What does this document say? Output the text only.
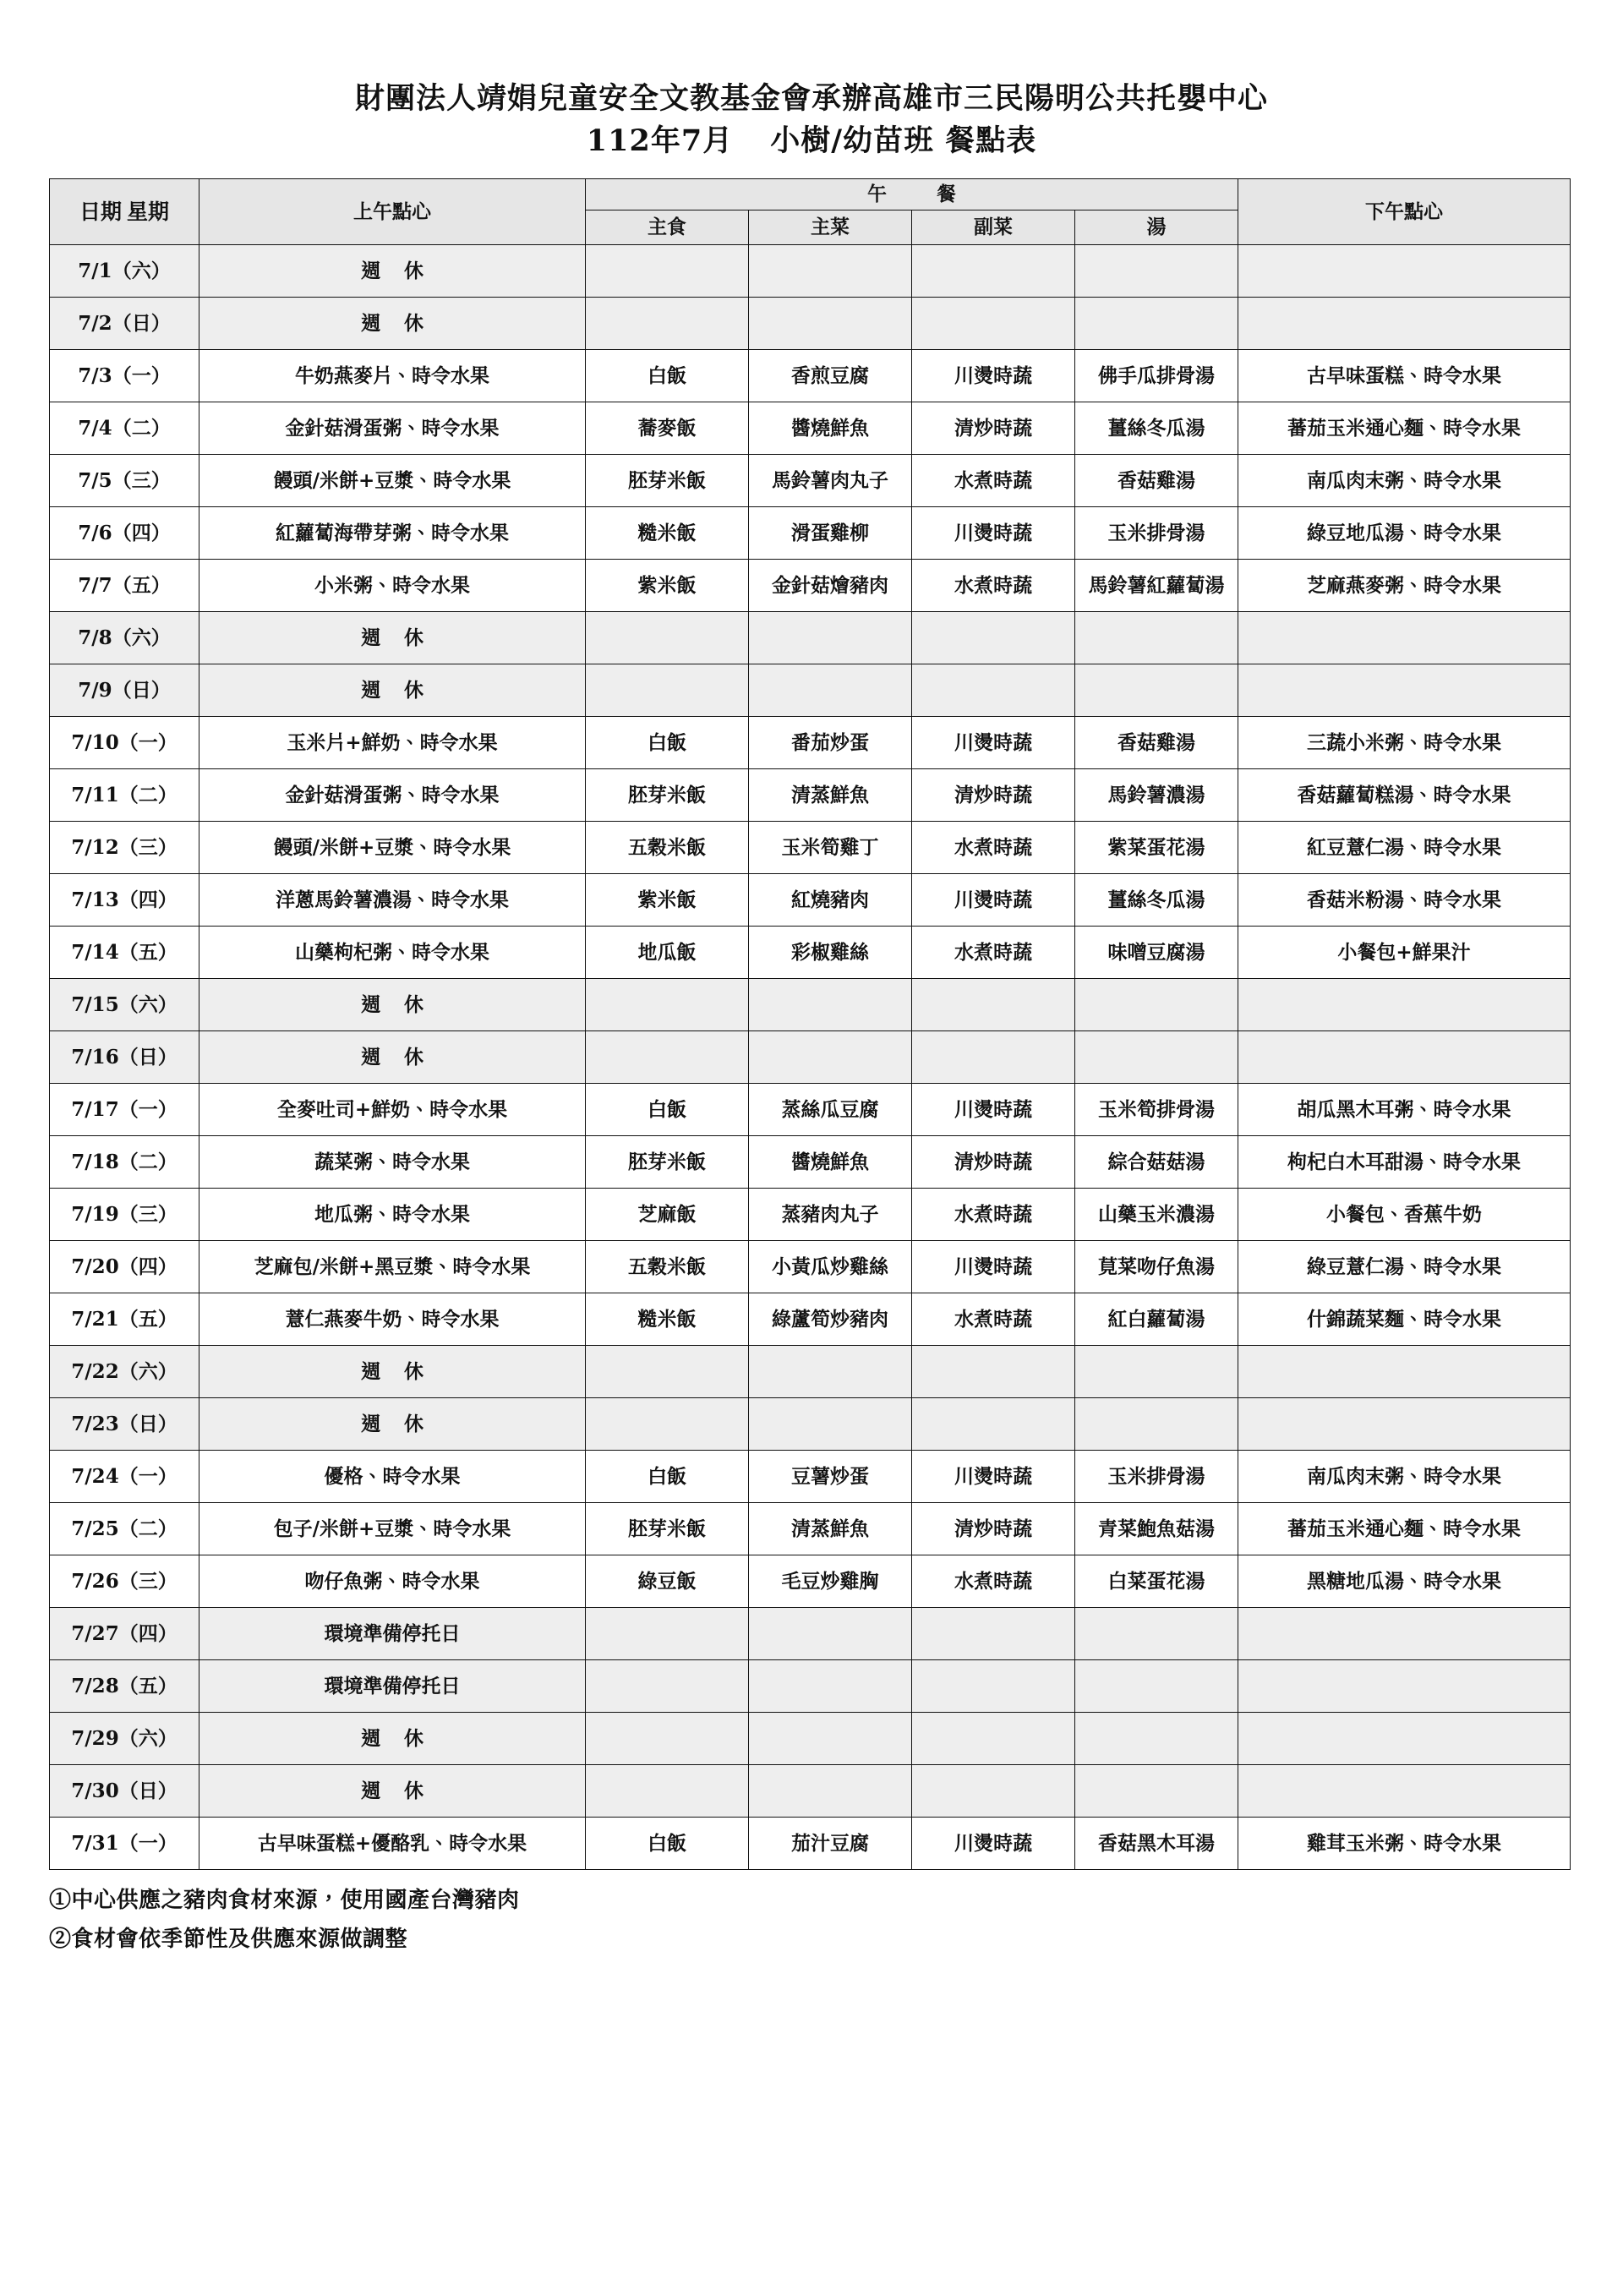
財團法人靖娟兒童安全文教基金會承辦高雄市三民陽明公共托嬰中心
112年7月 小樹/幼苗班 餐點表
日期 星期	上午點心	午　餐				下午點心
		主食	主菜	副菜	湯	
7/1（六）	週 休					
7/2（日）	週 休					
7/3（一）	牛奶燕麥片、時令水果	白飯	香煎豆腐	川燙時蔬	佛手瓜排骨湯	古早味蛋糕、時令水果
7/4（二）	金針菇滑蛋粥、時令水果	蕎麥飯	醬燒鮮魚	清炒時蔬	薑絲冬瓜湯	蕃茄玉米通心麵、時令水果
7/5（三）	饅頭/米餅+豆漿、時令水果	胚芽米飯	馬鈴薯肉丸子	水煮時蔬	香菇雞湯	南瓜肉末粥、時令水果
7/6（四）	紅蘿蔔海帶芽粥、時令水果	糙米飯	滑蛋雞柳	川燙時蔬	玉米排骨湯	綠豆地瓜湯、時令水果
7/7（五）	小米粥、時令水果	紫米飯	金針菇燴豬肉	水煮時蔬	馬鈴薯紅蘿蔔湯	芝麻燕麥粥、時令水果
7/8（六）	週 休					
7/9（日）	週 休					
7/10（一）	玉米片+鮮奶、時令水果	白飯	番茄炒蛋	川燙時蔬	香菇雞湯	三蔬小米粥、時令水果
7/11（二）	金針菇滑蛋粥、時令水果	胚芽米飯	清蒸鮮魚	清炒時蔬	馬鈴薯濃湯	香菇蘿蔔糕湯、時令水果
7/12（三）	饅頭/米餅+豆漿、時令水果	五穀米飯	玉米筍雞丁	水煮時蔬	紫菜蛋花湯	紅豆薏仁湯、時令水果
7/13（四）	洋蔥馬鈴薯濃湯、時令水果	紫米飯	紅燒豬肉	川燙時蔬	薑絲冬瓜湯	香菇米粉湯、時令水果
7/14（五）	山藥枸杞粥、時令水果	地瓜飯	彩椒雞絲	水煮時蔬	味噌豆腐湯	小餐包+鮮果汁
7/15（六）	週 休					
7/16（日）	週 休					
7/17（一）	全麥吐司+鮮奶、時令水果	白飯	蒸絲瓜豆腐	川燙時蔬	玉米筍排骨湯	胡瓜黑木耳粥、時令水果
7/18（二）	蔬菜粥、時令水果	胚芽米飯	醬燒鮮魚	清炒時蔬	綜合菇菇湯	枸杞白木耳甜湯、時令水果
7/19（三）	地瓜粥、時令水果	芝麻飯	蒸豬肉丸子	水煮時蔬	山藥玉米濃湯	小餐包、香蕉牛奶
7/20（四）	芝麻包/米餅+黑豆漿、時令水果	五穀米飯	小黃瓜炒雞絲	川燙時蔬	莧菜吻仔魚湯	綠豆薏仁湯、時令水果
7/21（五）	薏仁燕麥牛奶、時令水果	糙米飯	綠蘆筍炒豬肉	水煮時蔬	紅白蘿蔔湯	什錦蔬菜麵、時令水果
7/22（六）	週 休					
7/23（日）	週 休					
7/24（一）	優格、時令水果	白飯	豆薯炒蛋	川燙時蔬	玉米排骨湯	南瓜肉末粥、時令水果
7/25（二）	包子/米餅+豆漿、時令水果	胚芽米飯	清蒸鮮魚	清炒時蔬	青菜鮑魚菇湯	蕃茄玉米通心麵、時令水果
7/26（三）	吻仔魚粥、時令水果	綠豆飯	毛豆炒雞胸	水煮時蔬	白菜蛋花湯	黑糖地瓜湯、時令水果
7/27（四）	環境準備停托日					
7/28（五）	環境準備停托日					
7/29（六）	週 休					
7/30（日）	週 休					
7/31（一）	古早味蛋糕+優酪乳、時令水果	白飯	茄汁豆腐	川燙時蔬	香菇黑木耳湯	雞茸玉米粥、時令水果
①中心供應之豬肉食材來源，使用國產台灣豬肉
②食材會依季節性及供應來源做調整
